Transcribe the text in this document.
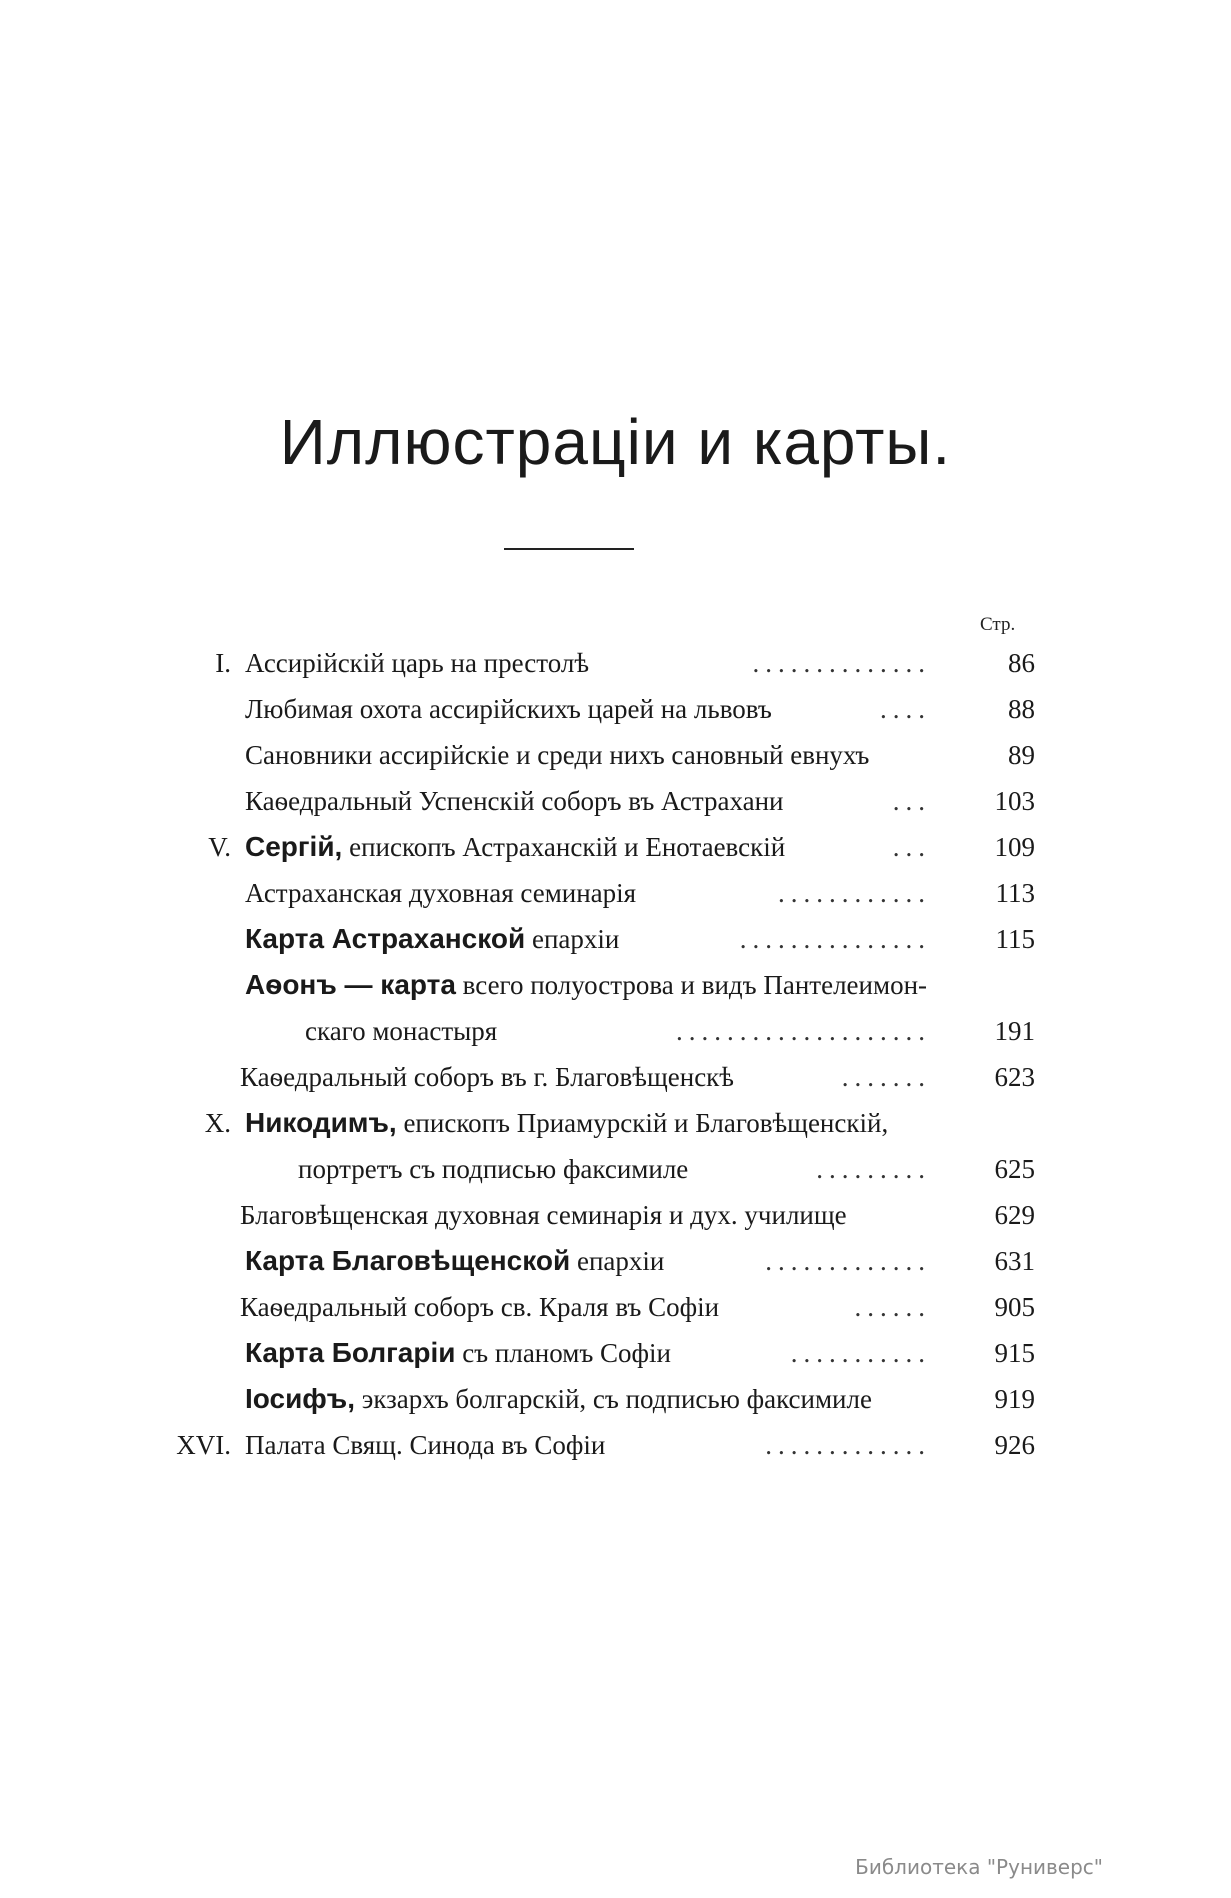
Иллюстраціи и карты.
Стр.
I. Ассирійскій царь на престолѣ	..............	86
Любимая охота ассирійскихъ царей на львовъ	....	88
Сановники ассирійскіе и среди нихъ сановный евнухъ	89
Каѳедральный Успенскій соборъ въ Астрахани	...	103
V. Сергій, епископъ Астраханскій и Енотаевскій	...	109
Астраханская духовная семинарія	............	113
Карта Астраханской епархіи	...............	115
Аѳонъ — карта всего полуострова и видъ Пантелеимон-
скаго монастыря	....................	191
Каѳедральный соборъ въ г. Благовѣщенскѣ	.......	623
X. Никодимъ, епископъ Приамурскій и Благовѣщенскій,
портретъ съ подписью факсимиле	.........	625
Благовѣщенская духовная семинарія и дух. училище	629
Карта Благовѣщенской епархіи	.............	631
Каѳедральный соборъ св. Краля въ Софіи	......	905
Карта Болгаріи съ планомъ Софіи	...........	915
Іосифъ, экзархъ болгарскій, съ подписью факсимиле	919
XVI. Палата Свящ. Синода въ Софіи	.............	926
Библиотека "Руниверс"
